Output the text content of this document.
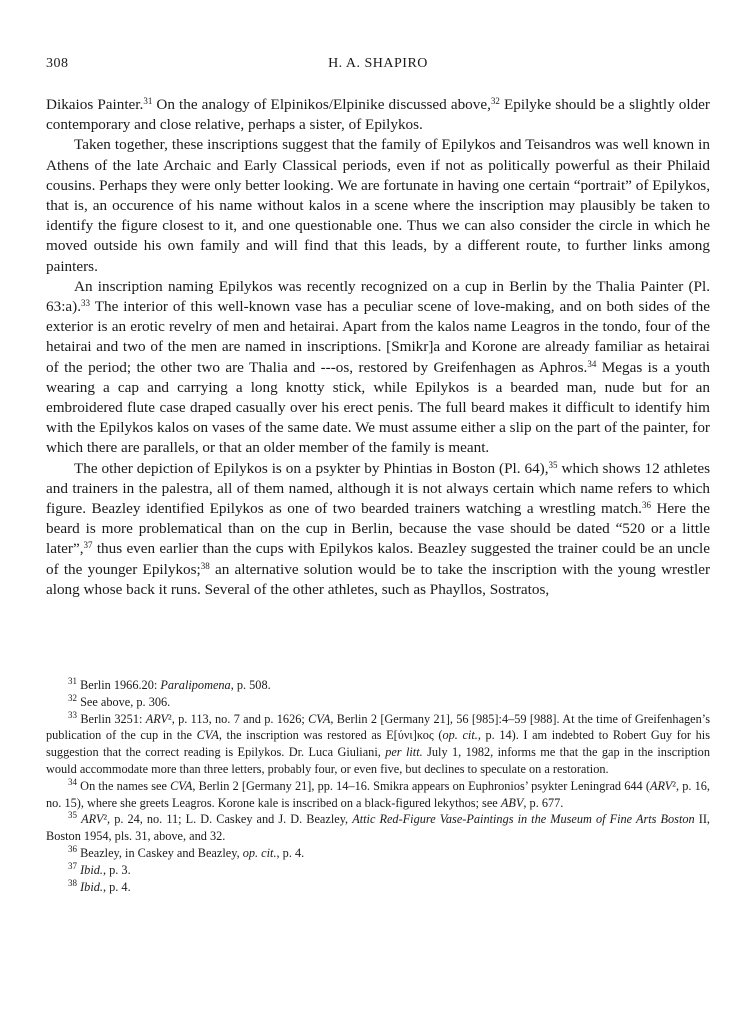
308	H. A. SHAPIRO

Dikaios Painter.$^{31}$ On the analogy of Elpinikos/Elpinike discussed above,$^{32}$ Epilyke should be a slightly older contemporary and close relative, perhaps a sister, of Epilykos.

Taken together, these inscriptions suggest that the family of Epilykos and Teisandros was well known in Athens of the late Archaic and Early Classical periods, even if not as politically powerful as their Philaid cousins. Perhaps they were only better looking. We are fortunate in having one certain “portrait” of Epilykos, that is, an occurence of his name without kalos in a scene where the inscription may plausibly be taken to identify the figure closest to it, and one questionable one. Thus we can also consider the circle in which he moved outside his own family and will find that this leads, by a different route, to further links among painters.

An inscription naming Epilykos was recently recognized on a cup in Berlin by the Thalia Painter (Pl. 63:a).$^{33}$ The interior of this well-known vase has a peculiar scene of love-making, and on both sides of the exterior is an erotic revelry of men and hetairai. Apart from the kalos name Leagros in the tondo, four of the hetairai and two of the men are named in inscriptions. [Smikr]a and Korone are already familiar as hetairai of the period; the other two are Thalia and ---os, restored by Greifenhagen as Aphros.$^{34}$ Megas is a youth wearing a cap and carrying a long knotty stick, while Epilykos is a bearded man, nude but for an embroidered flute case draped casually over his erect penis. The full beard makes it difficult to identify him with the Epilykos kalos on vases of the same date. We must assume either a slip on the part of the painter, for which there are parallels, or that an older member of the family is meant.

The other depiction of Epilykos is on a psykter by Phintias in Boston (Pl. 64),$^{35}$ which shows 12 athletes and trainers in the palestra, all of them named, although it is not always certain which name refers to which figure. Beazley identified Epilykos as one of two bearded trainers watching a wrestling match.$^{36}$ Here the beard is more problematical than on the cup in Berlin, because the vase should be dated “520 or a little later”,$^{37}$ thus even earlier than the cups with Epilykos kalos. Beazley suggested the trainer could be an uncle of the younger Epilykos;$^{38}$ an alternative solution would be to take the inscription with the young wrestler along whose back it runs. Several of the other athletes, such as Phayllos, Sostratos,

$^{31}$ Berlin 1966.20: Paralipomena, p. 508.

$^{32}$ See above, p. 306.

$^{33}$ Berlin 3251: ARV², p. 113, no. 7 and p. 1626; CVA, Berlin 2 [Germany 21], 56 [985]:4–59 [988]. At the time of Greifenhagen’s publication of the cup in the CVA, the inscription was restored as E[ύνι]κος (op. cit., p. 14). I am indebted to Robert Guy for his suggestion that the correct reading is Epilykos. Dr. Luca Giuliani, per litt. July 1, 1982, informs me that the gap in the inscription would accommodate more than three letters, probably four, or even five, but declines to speculate on a restoration.

$^{34}$ On the names see CVA, Berlin 2 [Germany 21], pp. 14–16. Smikra appears on Euphronios’ psykter Leningrad 644 (ARV², p. 16, no. 15), where she greets Leagros. Korone kale is inscribed on a black-figured lekythos; see ABV, p. 677.

$^{35}$ ARV², p. 24, no. 11; L. D. Caskey and J. D. Beazley, Attic Red-Figure Vase-Paintings in the Museum of Fine Arts Boston II, Boston 1954, pls. 31, above, and 32.

$^{36}$ Beazley, in Caskey and Beazley, op. cit., p. 4.

$^{37}$ Ibid., p. 3.

$^{38}$ Ibid., p. 4.
